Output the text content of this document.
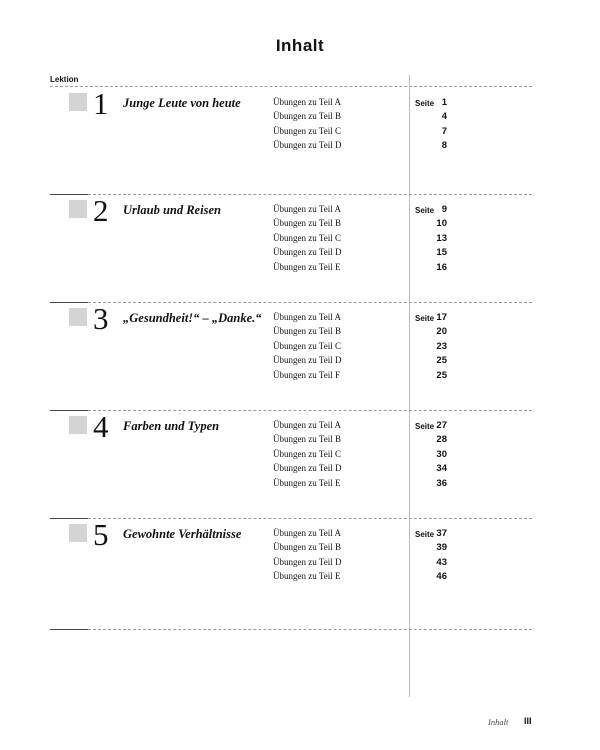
Inhalt
Lektion
1 Junge Leute von heute	Übungen zu Teil A	Seite 1
Übungen zu Teil B	4
Übungen zu Teil C	7
Übungen zu Teil D	8
2 Urlaub und Reisen	Übungen zu Teil A	Seite 9
Übungen zu Teil B	10
Übungen zu Teil C	13
Übungen zu Teil D	15
Übungen zu Teil E	16
3 „Gesundheit!“ – „Danke.“ Übungen zu Teil A	Seite 17
Übungen zu Teil B	20
Übungen zu Teil C	23
Übungen zu Teil D	25
Übungen zu Teil F	25
4 Farben und Typen	Übungen zu Teil A	Seite 27
Übungen zu Teil B	28
Übungen zu Teil C	30
Übungen zu Teil D	34
Übungen zu Teil E	36
5 Gewohnte Verhältnisse	Übungen zu Teil A	Seite 37
Übungen zu Teil B	39
Übungen zu Teil D	43
Übungen zu Teil E	46
Inhalt III
